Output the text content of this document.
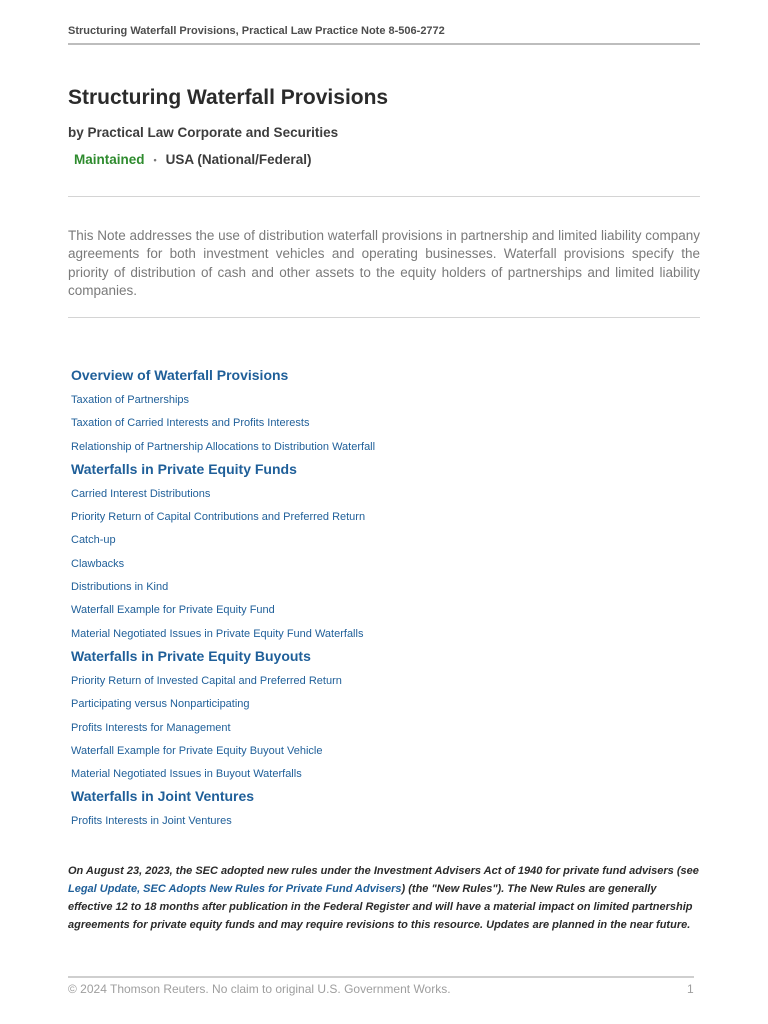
Structuring Waterfall Provisions, Practical Law Practice Note 8-506-2772
Structuring Waterfall Provisions
by Practical Law Corporate and Securities
Maintained • USA (National/Federal)

This Note addresses the use of distribution waterfall provisions in partnership and limited liability company agreements for both investment vehicles and operating businesses. Waterfall provisions specify the priority of distribution of cash and other assets to the equity holders of partnerships and limited liability companies.

Overview of Waterfall Provisions
Taxation of Partnerships
Taxation of Carried Interests and Profits Interests
Relationship of Partnership Allocations to Distribution Waterfall
Waterfalls in Private Equity Funds
Carried Interest Distributions
Priority Return of Capital Contributions and Preferred Return
Catch-up
Clawbacks
Distributions in Kind
Waterfall Example for Private Equity Fund
Material Negotiated Issues in Private Equity Fund Waterfalls
Waterfalls in Private Equity Buyouts
Priority Return of Invested Capital and Preferred Return
Participating versus Nonparticipating
Profits Interests for Management
Waterfall Example for Private Equity Buyout Vehicle
Material Negotiated Issues in Buyout Waterfalls
Waterfalls in Joint Ventures
Profits Interests in Joint Ventures

On August 23, 2023, the SEC adopted new rules under the Investment Advisers Act of 1940 for private fund advisers (see Legal Update, SEC Adopts New Rules for Private Fund Advisers) (the "New Rules"). The New Rules are generally effective 12 to 18 months after publication in the Federal Register and will have a material impact on limited partnership agreements for private equity funds and may require revisions to this resource. Updates are planned in the near future.

© 2024 Thomson Reuters. No claim to original U.S. Government Works.	1
